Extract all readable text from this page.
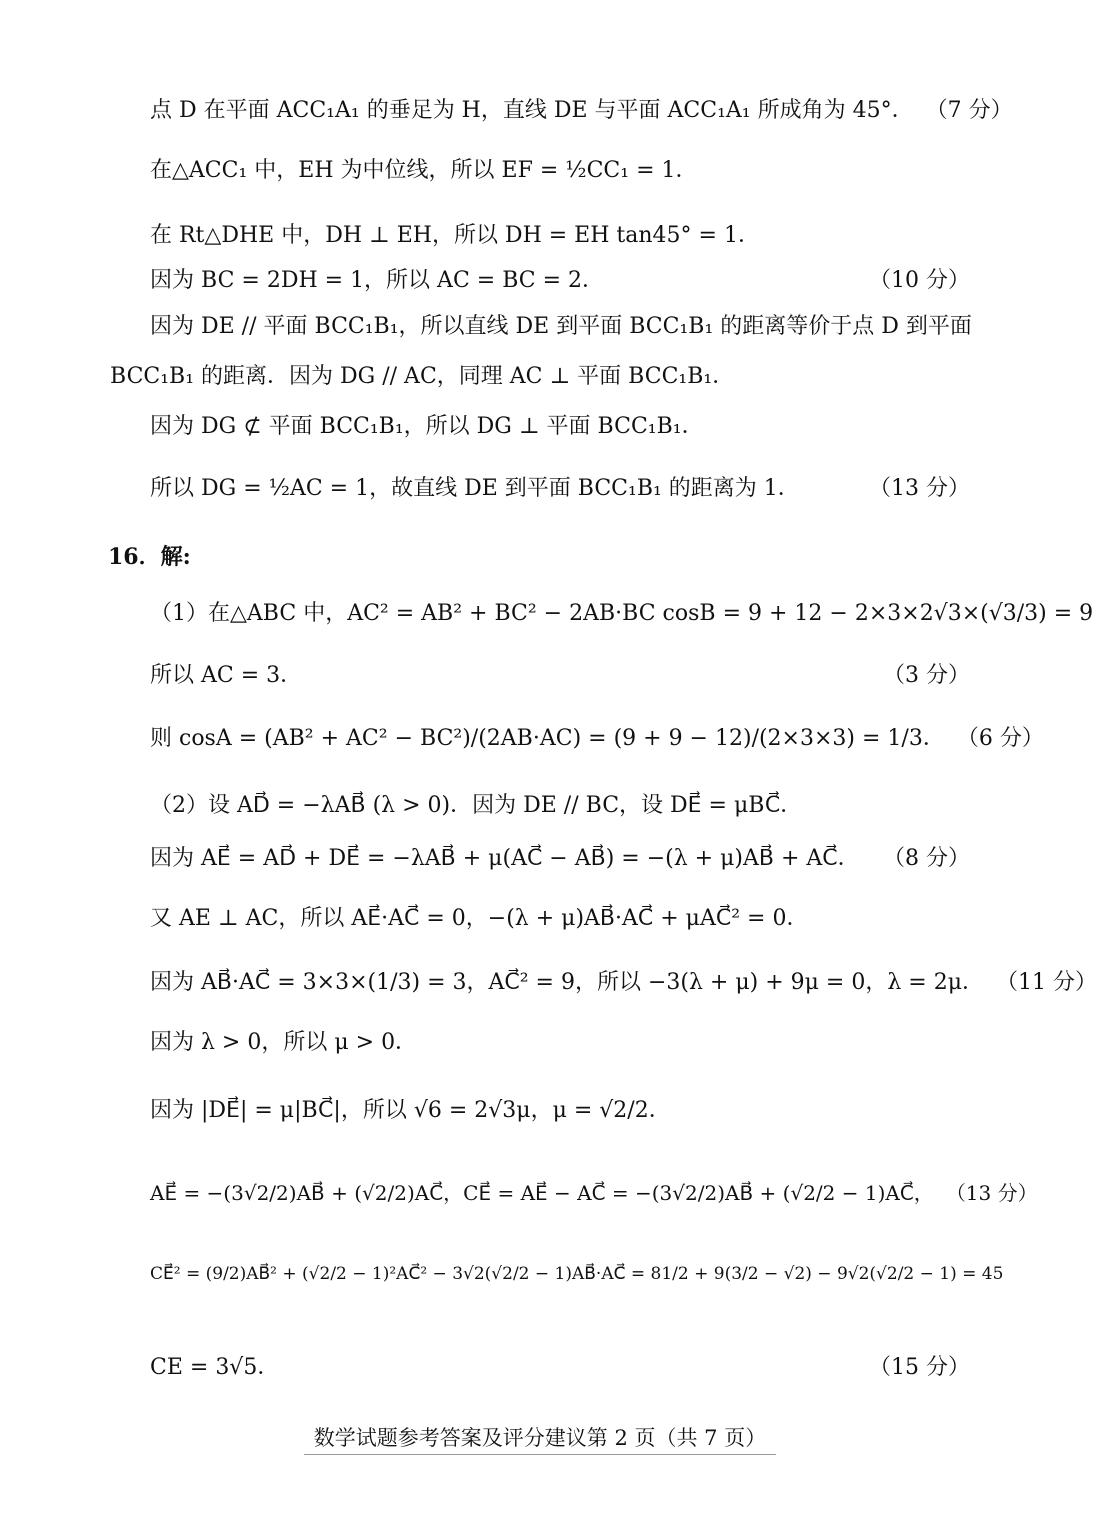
点 D 在平面 ACC₁A₁ 的垂足为 H，直线 DE 与平面 ACC₁A₁ 所成角为 45°． （7 分）
在△ACC₁ 中，EH 为中位线，所以 EF = ½CC₁ = 1．
在 Rt△DHE 中，DH ⊥ EH，所以 DH = EH tan45° = 1．
因为 BC = 2DH = 1，所以 AC = BC = 2．	（10 分）
因为 DE // 平面 BCC₁B₁，所以直线 DE 到平面 BCC₁B₁ 的距离等价于点 D 到平面
BCC₁B₁ 的距离．因为 DG // AC，同理 AC ⊥ 平面 BCC₁B₁．
因为 DG ⊄ 平面 BCC₁B₁，所以 DG ⊥ 平面 BCC₁B₁．
所以 DG = ½AC = 1，故直线 DE 到平面 BCC₁B₁ 的距离为 1．	（13 分）
16．解:
（1）在△ABC 中，AC² = AB² + BC² − 2AB·BC cosB = 9 + 12 − 2×3×2√3×(√3/3) = 9
所以 AC = 3．	（3 分）
则 cosA = (AB² + AC² − BC²)/(2AB·AC) = (9 + 9 − 12)/(2×3×3) = 1/3． （6 分）
（2）设 AD⃗ = −λAB⃗ (λ > 0)．因为 DE // BC，设 DE⃗ = μBC⃗．
因为 AE⃗ = AD⃗ + DE⃗ = −λAB⃗ + μ(AC⃗ − AB⃗) = −(λ + μ)AB⃗ + AC⃗．	（8 分）
又 AE ⊥ AC，所以 AE⃗·AC⃗ = 0，−(λ + μ)AB⃗·AC⃗ + μAC⃗² = 0．
因为 AB⃗·AC⃗ = 3×3×(1/3) = 3，AC⃗² = 9，所以 −3(λ + μ) + 9μ = 0，λ = 2μ． （11 分）
因为 λ > 0，所以 μ > 0．
因为 |DE⃗| = μ|BC⃗|，所以 √6 = 2√3μ，μ = √2/2．
AE⃗ = −(3√2/2)AB⃗ + (√2/2)AC⃗，CE⃗ = AE⃗ − AC⃗ = −(3√2/2)AB⃗ + (√2/2 − 1)AC⃗， （13 分）
CE⃗² = (9/2)AB⃗² + (√2/2 − 1)²AC⃗² − 3√2(√2/2 − 1)AB⃗·AC⃗ = 81/2 + 9(3/2 − √2) − 9√2(√2/2 − 1) = 45
CE = 3√5．	（15 分）
数学试题参考答案及评分建议第 2 页（共 7 页）
